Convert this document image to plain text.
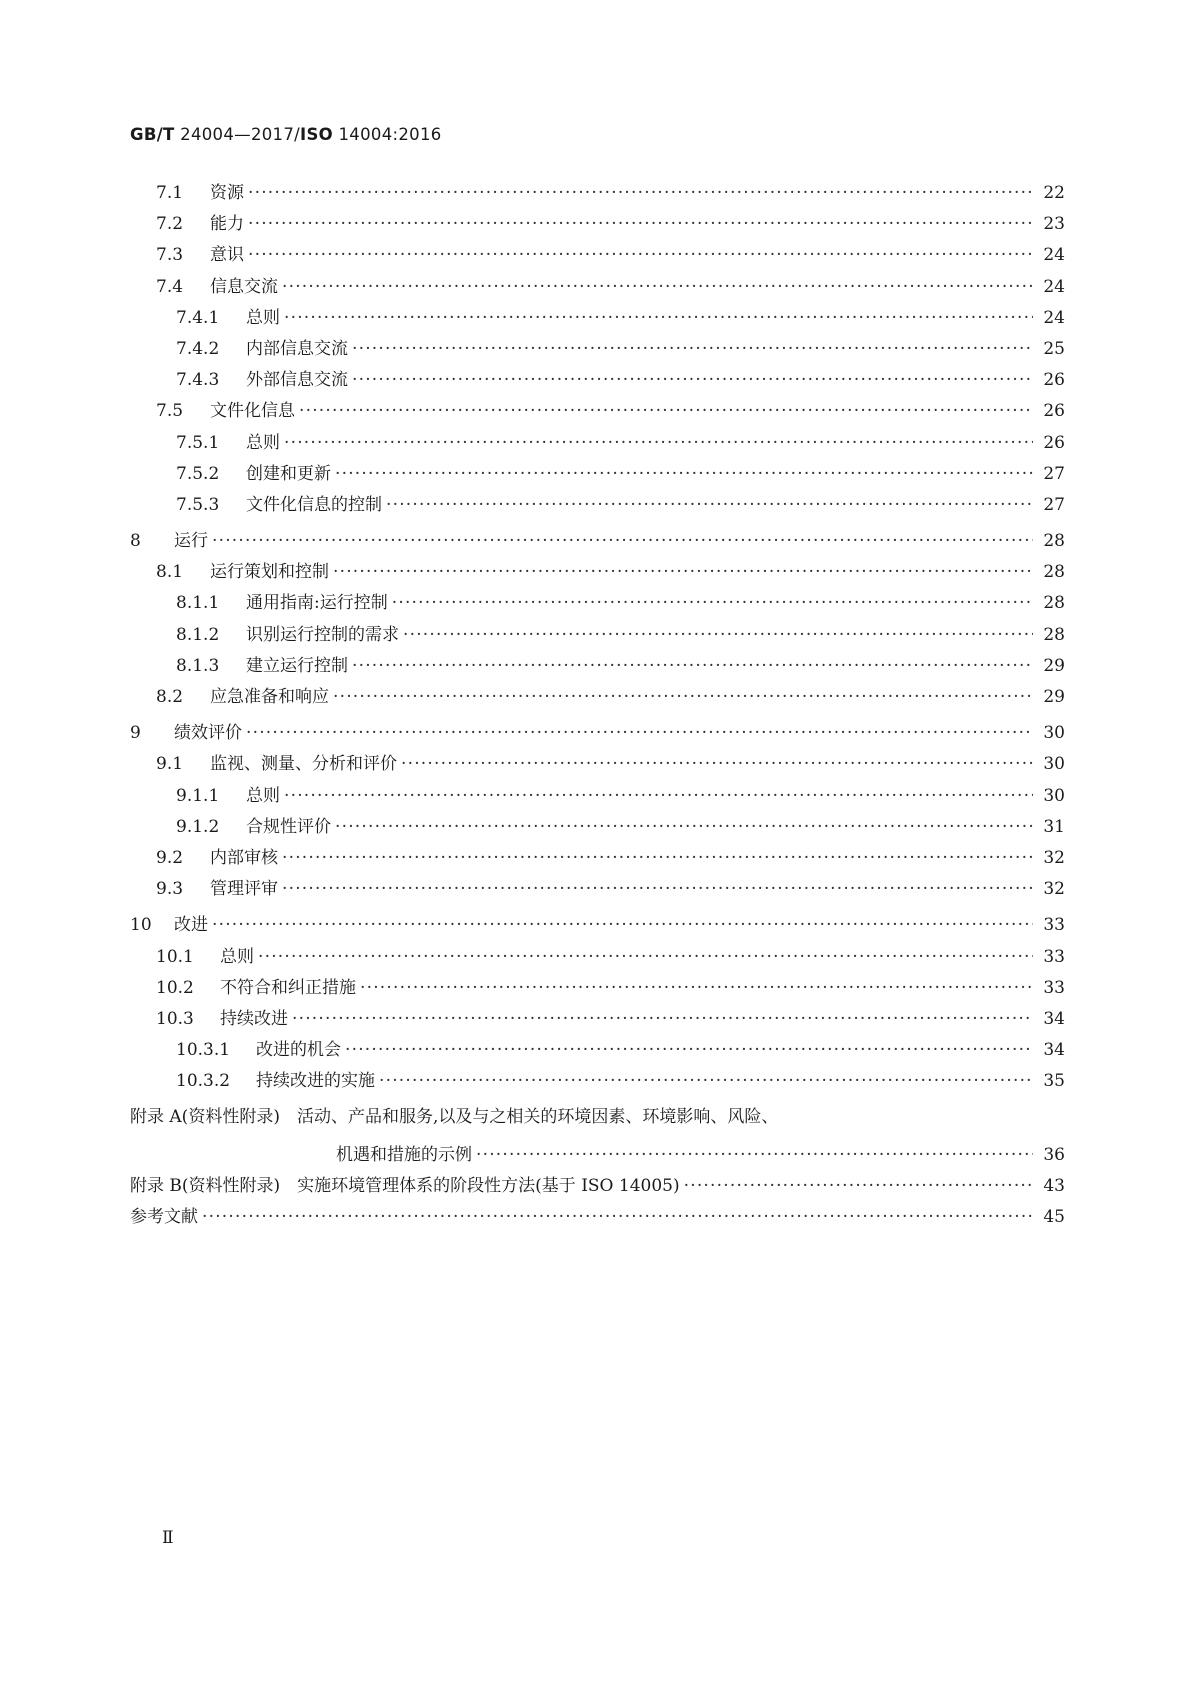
GB/T 24004—2017/ISO 14004:2016
7.1	资源 ·····	22
7.2	能力 ·····	23
7.3	意识 ·····	24
7.4	信息交流 ·····	24
7.4.1	总则 ·····	24
7.4.2	内部信息交流 ·····	25
7.4.3	外部信息交流 ·····	26
7.5	文件化信息 ·····	26
7.5.1	总则 ·····	26
7.5.2	创建和更新 ·····	27
7.5.3	文件化信息的控制 ·····	27
8	运行 ·····	28
8.1	运行策划和控制 ·····	28
8.1.1	通用指南:运行控制 ·····	28
8.1.2	识别运行控制的需求 ·····	28
8.1.3	建立运行控制 ·····	29
8.2	应急准备和响应 ·····	29
9	绩效评价 ·····	30
9.1	监视、测量、分析和评价 ·····	30
9.1.1	总则 ·····	30
9.1.2	合规性评价 ·····	31
9.2	内部审核 ·····	32
9.3	管理评审 ·····	32
10	改进 ·····	33
10.1	总则 ·····	33
10.2	不符合和纠正措施 ·····	33
10.3	持续改进 ·····	34
10.3.1	改进的机会 ·····	34
10.3.2	持续改进的实施 ·····	35
附录 A(资料性附录)　活动、产品和服务,以及与之相关的环境因素、环境影响、风险、
机遇和措施的示例 ·····	36
附录 B(资料性附录)　实施环境管理体系的阶段性方法(基于 ISO 14005) ·····	43
参考文献 ·····	45
Ⅱ
